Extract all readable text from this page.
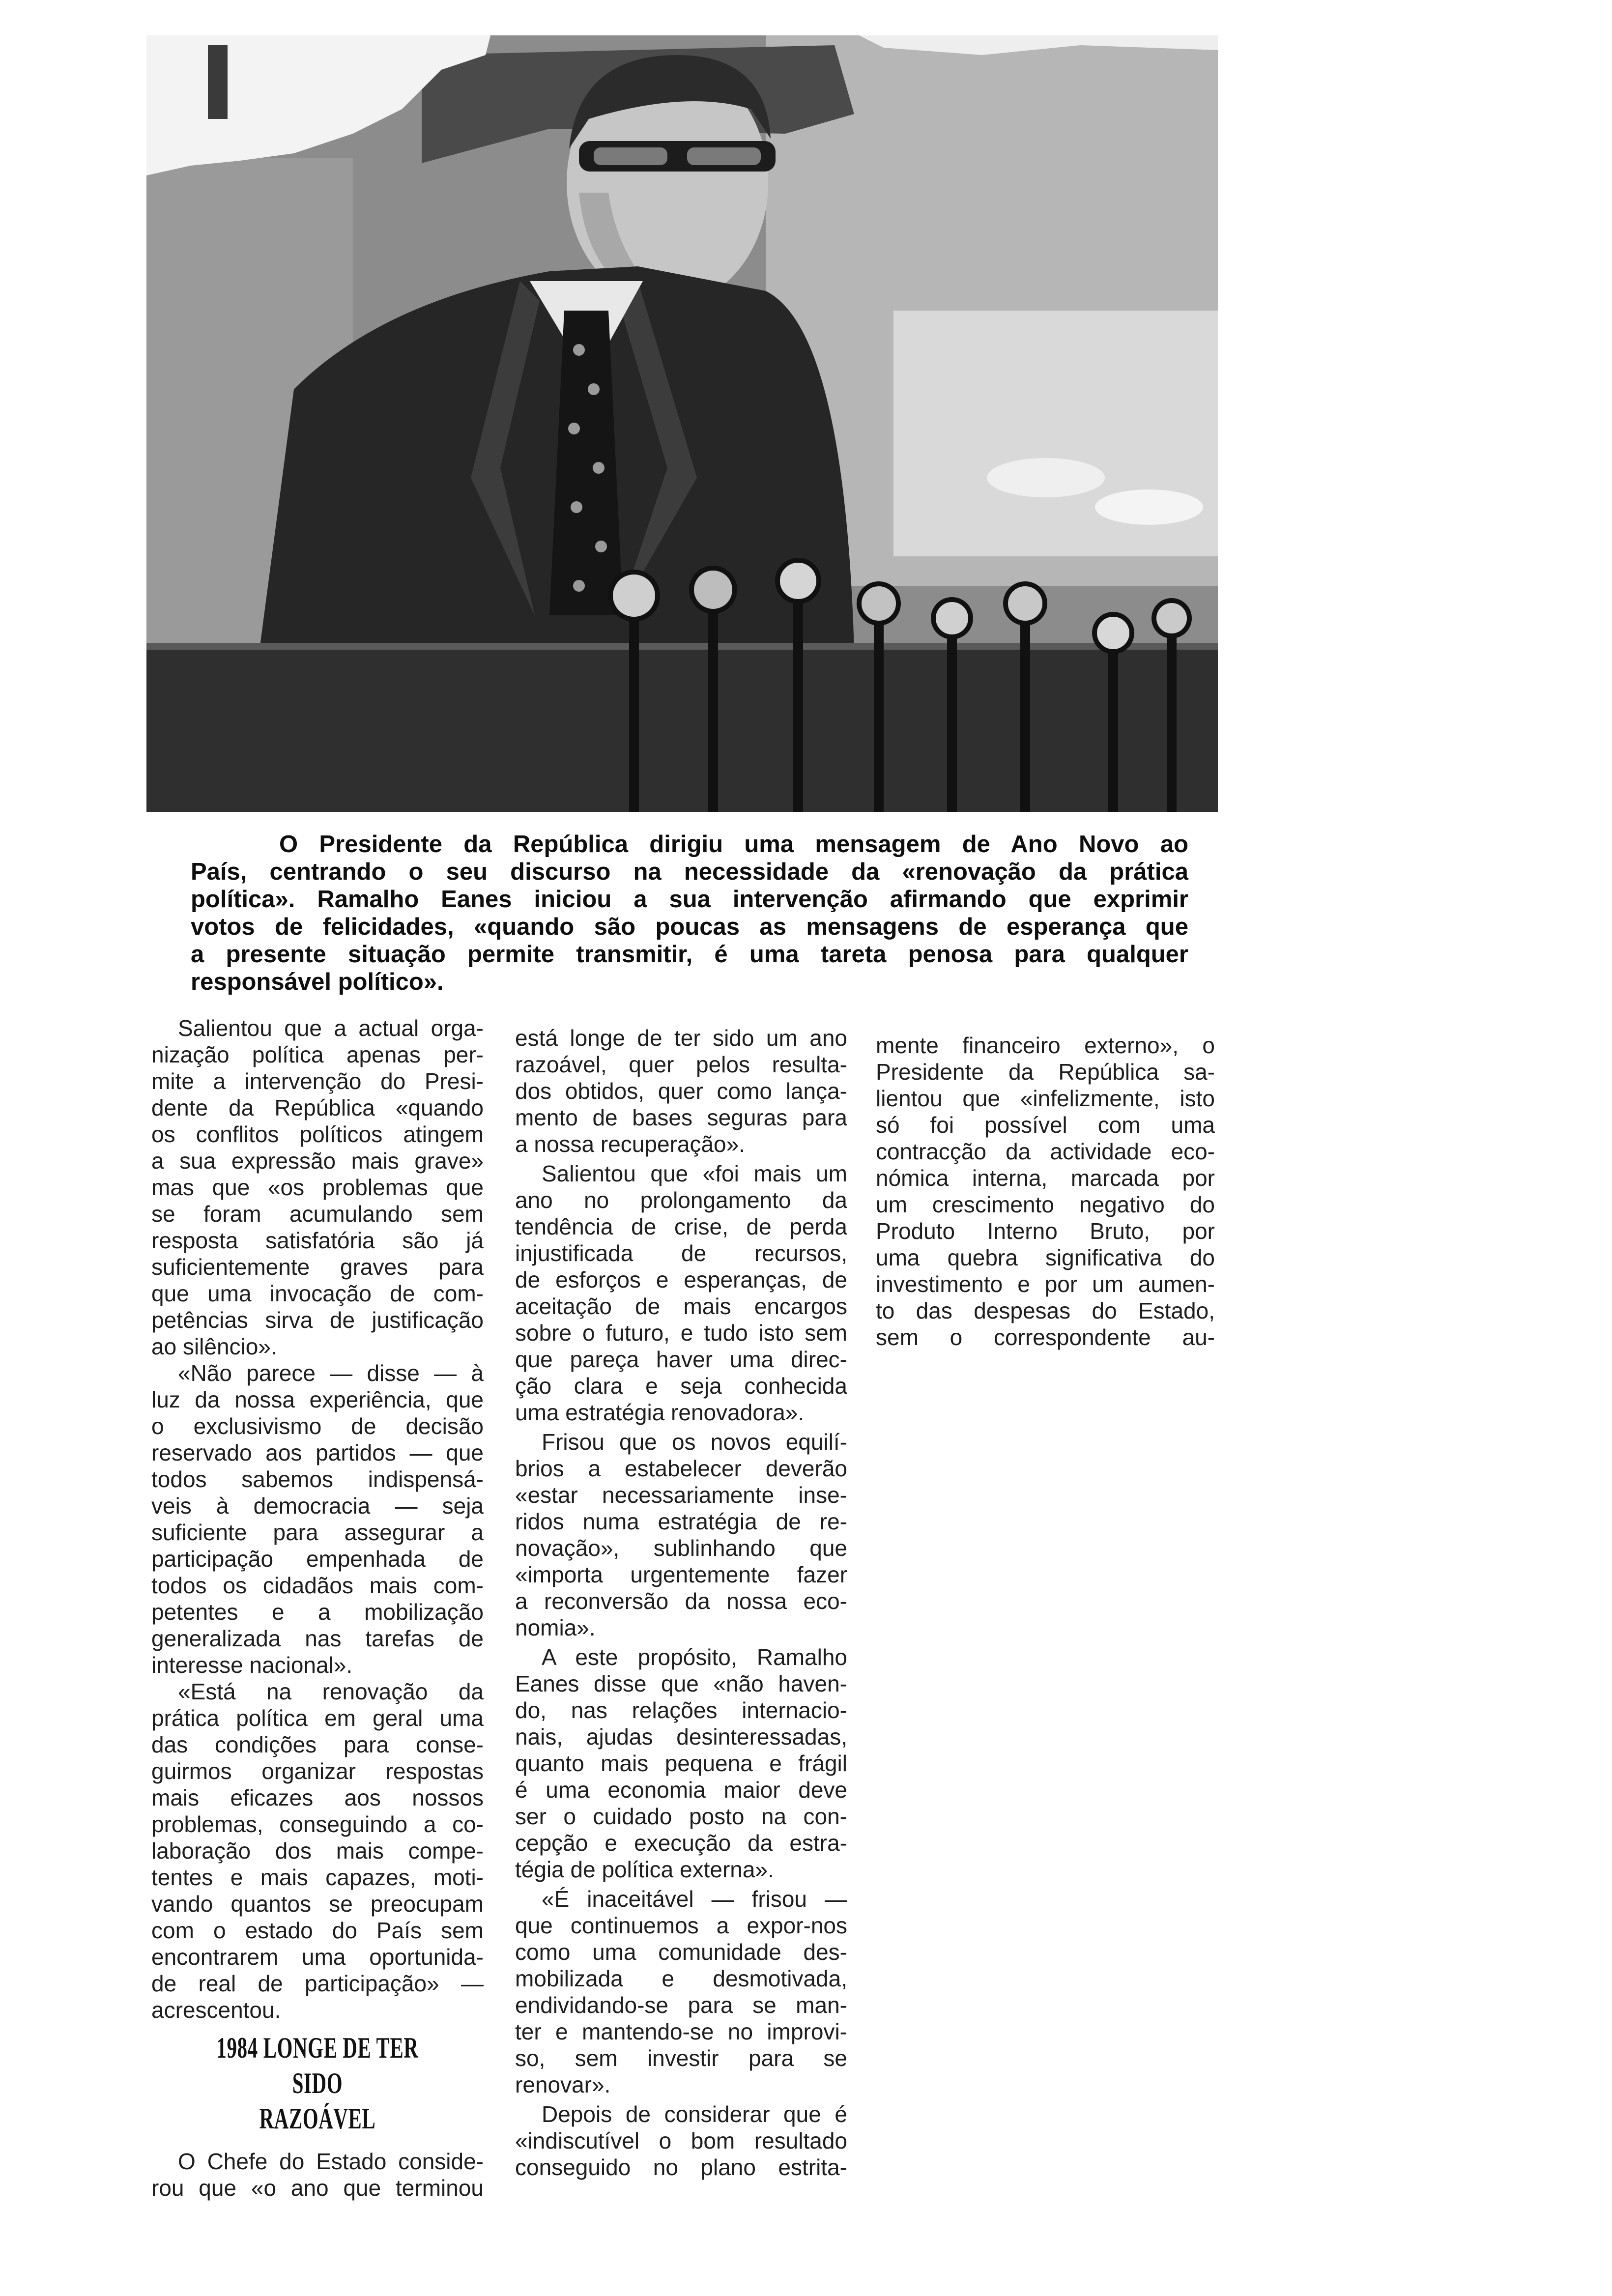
O Presidente da República dirigiu uma mensagem de Ano Novo ao
País, centrando o seu discurso na necessidade da «renovação da prática
política». Ramalho Eanes iniciou a sua intervenção afirmando que exprimir
votos de felicidades, «quando são poucas as mensagens de esperança que
a presente situação permite transmitir, é uma tareta penosa para qualquer
responsável político».
Salientou que a actual orga-
nização política apenas per-
mite a intervenção do Presi-
dente da República «quando
os conflitos políticos atingem
a sua expressão mais grave»
mas que «os problemas que
se foram acumulando sem
resposta satisfatória são já
suficientemente graves para
que uma invocação de com-
petências sirva de justificação
ao silêncio».
«Não parece — disse — à
luz da nossa experiência, que
o exclusivismo de decisão
reservado aos partidos — que
todos sabemos indispensá-
veis à democracia — seja
suficiente para assegurar a
participação empenhada de
todos os cidadãos mais com-
petentes e a mobilização
generalizada nas tarefas de
interesse nacional».
«Está na renovação da
prática política em geral uma
das condições para conse-
guirmos organizar respostas
mais eficazes aos nossos
problemas, conseguindo a co-
laboração dos mais compe-
tentes e mais capazes, moti-
vando quantos se preocupam
com o estado do País sem
encontrarem uma oportunida-
de real de participação» —
acrescentou.
1984 LONGE DE TER SIDO
RAZOÁVEL
O Chefe do Estado conside-
rou que «o ano que terminou
está longe de ter sido um ano
razoável, quer pelos resulta-
dos obtidos, quer como lança-
mento de bases seguras para
a nossa recuperação».
Salientou que «foi mais um
ano no prolongamento da
tendência de crise, de perda
injustificada de recursos,
de esforços e esperanças, de
aceitação de mais encargos
sobre o futuro, e tudo isto sem
que pareça haver uma direc-
ção clara e seja conhecida
uma estratégia renovadora».
Frisou que os novos equilí-
brios a estabelecer deverão
«estar necessariamente inse-
ridos numa estratégia de re-
novação», sublinhando que
«importa urgentemente fazer
a reconversão da nossa eco-
nomia».
A este propósito, Ramalho
Eanes disse que «não haven-
do, nas relações internacio-
nais, ajudas desinteressadas,
quanto mais pequena e frágil
é uma economia maior deve
ser o cuidado posto na con-
cepção e execução da estra-
tégia de política externa».
«É inaceitável — frisou —
que continuemos a expor-nos
como uma comunidade des-
mobilizada e desmotivada,
endividando-se para se man-
ter e mantendo-se no improvi-
so, sem investir para se
renovar».
Depois de considerar que é
«indiscutível o bom resultado
conseguido no plano estrita-
mente financeiro externo», o
Presidente da República sa-
lientou que «infelizmente, isto
só foi possível com uma
contracção da actividade eco-
nómica interna, marcada por
um crescimento negativo do
Produto Interno Bruto, por
uma quebra significativa do
investimento e por um aumen-
to das despesas do Estado,
sem o correspondente au-
